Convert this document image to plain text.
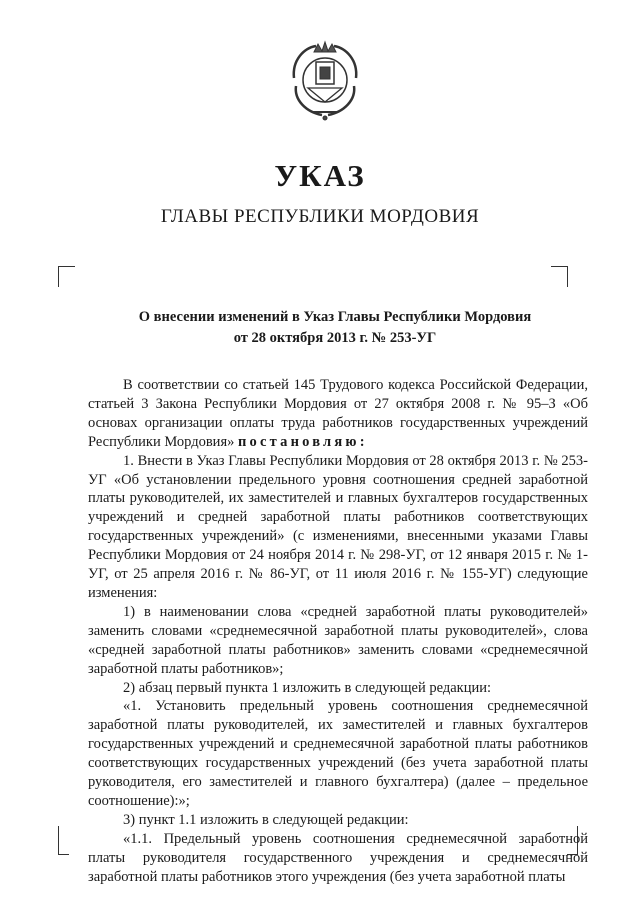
УКАЗ
ГЛАВЫ РЕСПУБЛИКИ МОРДОВИЯ
О внесении изменений в Указ Главы Республики Мордовия
от 28 октября 2013 г. № 253-УГ

В соответствии со статьей 145 Трудового кодекса Российской Федерации, статьей 3 Закона Республики Мордовия от 27 октября 2008 г. № 95–З «Об основах организации оплаты труда работников государственных учреждений Республики Мордовия» постановляю:

1. Внести в Указ Главы Республики Мордовия от 28 октября 2013 г. № 253-УГ «Об установлении предельного уровня соотношения средней заработной платы руководителей, их заместителей и главных бухгалтеров государственных учреждений и средней заработной платы работников соответствующих государственных учреждений» (с изменениями, внесенными указами Главы Республики Мордовия от 24 ноября 2014 г. № 298-УГ, от 12 января 2015 г. № 1-УГ, от 25 апреля 2016 г. № 86-УГ, от 11 июля 2016 г. № 155-УГ) следующие изменения:

1) в наименовании слова «средней заработной платы руководителей» заменить словами «среднемесячной заработной платы руководителей», слова «средней заработной платы работников» заменить словами «среднемесячной заработной платы работников»;

2) абзац первый пункта 1 изложить в следующей редакции:

«1. Установить предельный уровень соотношения среднемесячной заработной платы руководителей, их заместителей и главных бухгалтеров государственных учреждений и среднемесячной заработной платы работников соответствующих государственных учреждений (без учета заработной платы руководителя, его заместителей и главного бухгалтера) (далее – предельное соотношение):»;

3) пункт 1.1 изложить в следующей редакции:

«1.1. Предельный уровень соотношения среднемесячной заработной платы руководителя государственного учреждения и среднемесячной заработной платы работников этого учреждения (без учета заработной платы
